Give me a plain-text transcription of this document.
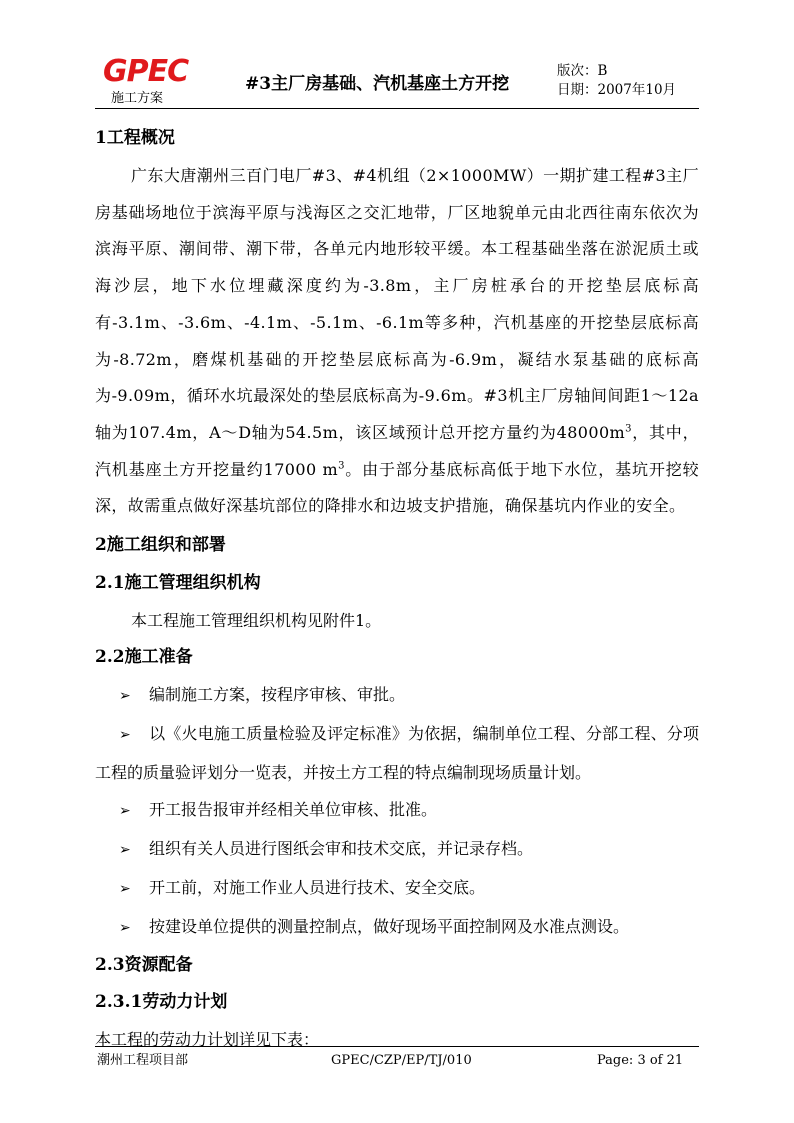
GPEC
施工方案
#3主厂房基础、汽机基座土方开挖
版次：B
日期：2007年10月
1工程概况

广东大唐潮州三百门电厂#3、#4机组（2×1000MW）一期扩建工程#3主厂房基础场地位于滨海平原与浅海区之交汇地带，厂区地貌单元由北西往南东依次为滨海平原、潮间带、潮下带，各单元内地形较平缓。本工程基础坐落在淤泥质土或海沙层，地下水位埋藏深度约为-3.8m，主厂房桩承台的开挖垫层底标高有-3.1m、-3.6m、-4.1m、-5.1m、-6.1m等多种，汽机基座的开挖垫层底标高为-8.72m，磨煤机基础的开挖垫层底标高为-6.9m，凝结水泵基础的底标高为-9.09m，循环水坑最深处的垫层底标高为-9.6m。#3机主厂房轴间间距1～12a轴为107.4m，A～D轴为54.5m，该区域预计总开挖方量约为$48000m^3$，其中，汽机基座土方开挖量约17000 $m^3$。由于部分基底标高低于地下水位，基坑开挖较深，故需重点做好深基坑部位的降排水和边坡支护措施，确保基坑内作业的安全。

2施工组织和部署
2.1施工管理组织机构
本工程施工管理组织机构见附件1。
2.2施工准备
➢ 编制施工方案，按程序审核、审批。
➢ 以《火电施工质量检验及评定标准》为依据，编制单位工程、分部工程、分项工程的质量验评划分一览表，并按土方工程的特点编制现场质量计划。
➢ 开工报告报审并经相关单位审核、批准。
➢ 组织有关人员进行图纸会审和技术交底，并记录存档。
➢ 开工前，对施工作业人员进行技术、安全交底。
➢ 按建设单位提供的测量控制点，做好现场平面控制网及水准点测设。
2.3资源配备
2.3.1劳动力计划
本工程的劳动力计划详见下表：
潮州工程项目部	GPEC/CZP/EP/TJ/010	Page: 3 of 21
